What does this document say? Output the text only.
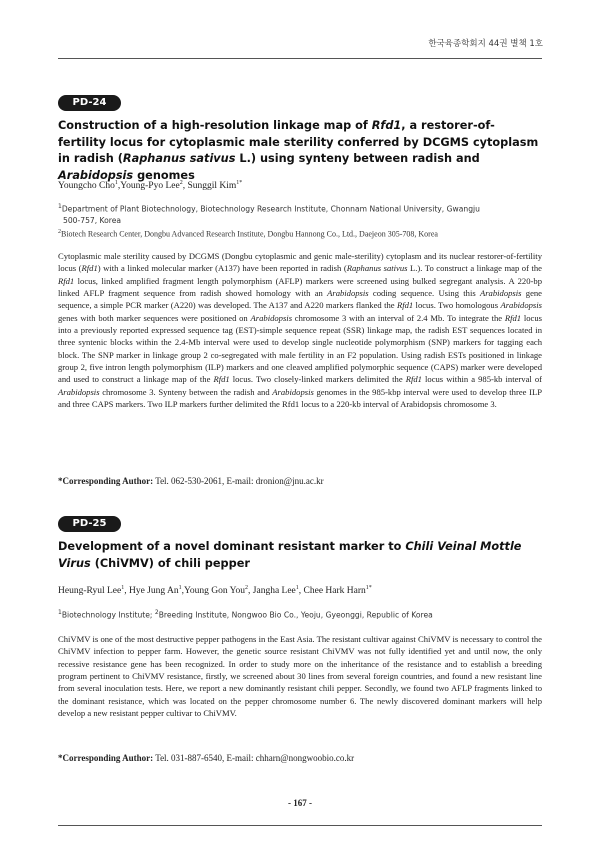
한국육종학회지 44권 별책 1호
PD-24
Construction of a high-resolution linkage map of Rfd1, a restorer-of-fertility locus for cytoplasmic male sterility conferred by DCGMS cytoplasm in radish (Raphanus sativus L.) using synteny between radish and Arabidopsis genomes
Youngcho Cho$^1$,Young-Pyo Lee$^2$, Sunggil Kim$^{1*}$
$^1$Department of Plant Biotechnology, Biotechnology Research Institute, Chonnam National University, Gwangju
500-757, Korea
$^2$Biotech Research Center, Dongbu Advanced Research Institute, Dongbu Hannong Co., Ltd., Daejeon 305-708, Korea

Cytoplasmic male sterility caused by DCGMS (Dongbu cytoplasmic and genic male-sterility) cytoplasm and its nuclear restorer-of-fertility locus (Rfd1) with a linked molecular marker (A137) have been reported in radish (Raphanus sativus L.). To construct a linkage map of the Rfd1 locus, linked amplified fragment length polymorphism (AFLP) markers were screened using bulked segregant analysis. A 220-bp linked AFLP fragment sequence from radish showed homology with an Arabidopsis coding sequence. Using this Arabidopsis gene sequence, a simple PCR marker (A220) was developed. The A137 and A220 markers flanked the Rfd1 locus. Two homologous Arabidopsis genes with both marker sequences were positioned on Arabidopsis chromosome 3 with an interval of 2.4 Mb. To integrate the Rfd1 locus into a previously reported expressed sequence tag (EST)-simple sequence repeat (SSR) linkage map, the radish EST sequences located in three syntenic blocks within the 2.4-Mb interval were used to develop single nucleotide polymorphism (SNP) markers for tagging each block. The SNP marker in linkage group 2 co-segregated with male fertility in an F2 population. Using radish ESTs positioned in linkage group 2, five intron length polymorphism (ILP) markers and one cleaved amplified polymorphic sequence (CAPS) marker were developed and used to construct a linkage map of the Rfd1 locus. Two closely-linked markers delimited the Rfd1 locus within a 985-kb interval of Arabidopsis chromosome 3. Synteny between the radish and Arabidopsis genomes in the 985-kbp interval were used to develop three ILP and three CAPS markers. Two ILP markers further delimited the Rfd1 locus to a 220-kb interval of Arabidopsis chromosome 3.

*Corresponding Author: Tel. 062-530-2061, E-mail: dronion@jnu.ac.kr
PD-25
Development of a novel dominant resistant marker to Chili Veinal Mottle Virus (ChiVMV) of chili pepper
Heung-Ryul Lee$^1$, Hye Jung An$^1$,Young Gon You$^2$, Jangha Lee$^1$, Chee Hark Harn$^{1*}$
$^1$Biotechnology Institute; $^2$Breeding Institute, Nongwoo Bio Co., Yeoju, Gyeonggi, Republic of Korea

ChiVMV is one of the most destructive pepper pathogens in the East Asia. The resistant cultivar against ChiVMV is necessary to control the ChiVMV infection to pepper farm. However, the genetic source resistant ChiVMV was not fully identified yet and until now, the only recessive resistance gene has been recognized. In order to study more on the inheritance of the resistance and to establish a breeding program pertinent to ChiVMV resistance, firstly, we screened about 30 lines from several foreign countries, and found a new resistant line from several inoculation tests. Here, we report a new dominantly resistant chili pepper. Secondly, we found two AFLP fragments linked to the dominant resistance, which was located on the pepper chromosome number 6. The newly discovered dominant markers will help develop a new resistant pepper cultivar to ChiVMV.

*Corresponding Author: Tel. 031-887-6540, E-mail: chharn@nongwoobio.co.kr
- 167 -
